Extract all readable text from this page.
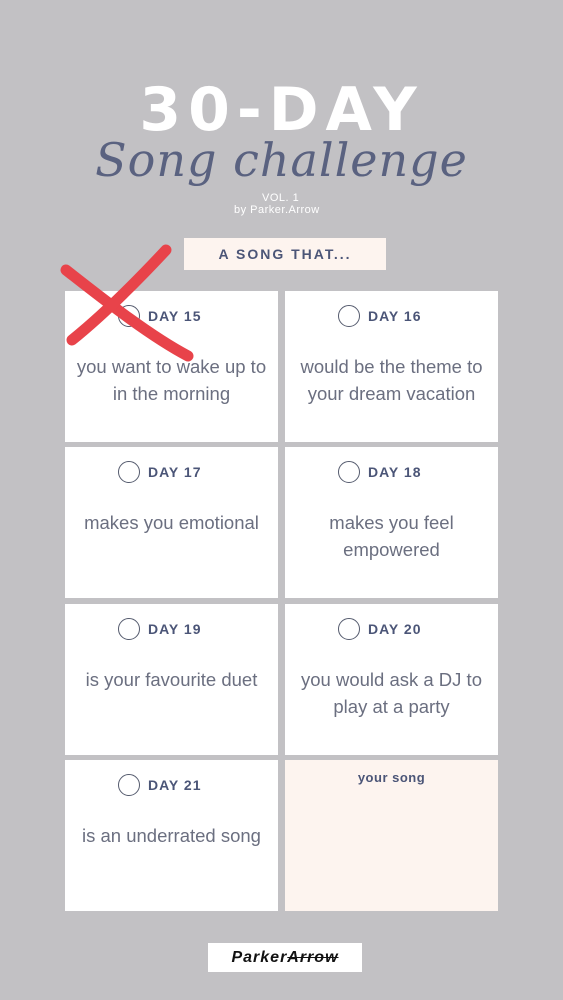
30-DAY
Song challenge
VOL. 1
by Parker.Arrow
A SONG THAT...
DAY 15
you want to wake up to in the morning
DAY 16
would be the theme to your dream vacation
DAY 17
makes you emotional
DAY 18
makes you feel empowered
DAY 19
is your favourite duet
DAY 20
you would ask a DJ to play at a party
DAY 21
is an underrated song
your song
Parker Arrow
